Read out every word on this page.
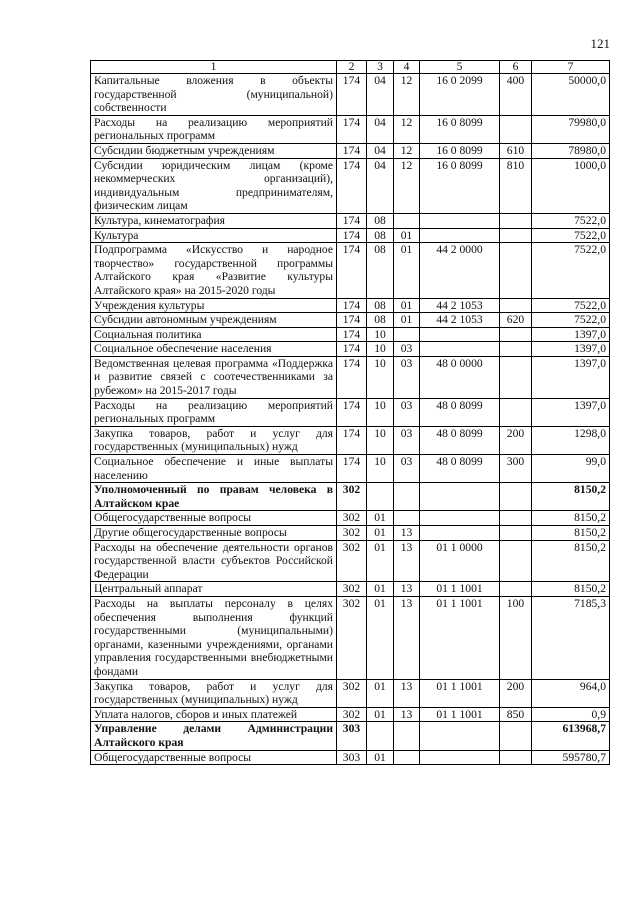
121
1	2	3	4	5	6	7
Капитальные вложения в объекты государственной (муниципальной) собственности	174	04	12	16 0 2099	400	50000,0
Расходы на реализацию мероприятий региональных программ	174	04	12	16 0 8099		79980,0
Субсидии бюджетным учреждениям	174	04	12	16 0 8099	610	78980,0
Субсидии юридическим лицам (кроме некоммерческих организаций), индивидуальным предпринимателям, физическим лицам	174	04	12	16 0 8099	810	1000,0
Культура, кинематография	174	08				7522,0
Культура	174	08	01			7522,0
Подпрограмма «Искусство и народное творчество» государственной программы Алтайского края «Развитие культуры Алтайского края» на 2015-2020 годы	174	08	01	44 2 0000		7522,0
Учреждения культуры	174	08	01	44 2 1053		7522,0
Субсидии автономным учреждениям	174	08	01	44 2 1053	620	7522,0
Социальная политика	174	10				1397,0
Социальное обеспечение населения	174	10	03			1397,0
Ведомственная целевая программа «Поддержка и развитие связей с соотечественниками за рубежом» на 2015-2017 годы	174	10	03	48 0 0000		1397,0
Расходы на реализацию мероприятий региональных программ	174	10	03	48 0 8099		1397,0
Закупка товаров, работ и услуг для государственных (муниципальных) нужд	174	10	03	48 0 8099	200	1298,0
Социальное обеспечение и иные выплаты населению	174	10	03	48 0 8099	300	99,0
Уполномоченный по правам человека в Алтайском крае	302					8150,2
Общегосударственные вопросы	302	01				8150,2
Другие общегосударственные вопросы	302	01	13			8150,2
Расходы на обеспечение деятельности органов государственной власти субъектов Российской Федерации	302	01	13	01 1 0000		8150,2
Центральный аппарат	302	01	13	01 1 1001		8150,2
Расходы на выплаты персоналу в целях обеспечения выполнения функций государственными (муниципальными) органами, казенными учреждениями, органами управления государственными внебюджетными фондами	302	01	13	01 1 1001	100	7185,3
Закупка товаров, работ и услуг для государственных (муниципальных) нужд	302	01	13	01 1 1001	200	964,0
Уплата налогов, сборов и иных платежей	302	01	13	01 1 1001	850	0,9
Управление делами Администрации Алтайского края	303					613968,7
Общегосударственные вопросы	303	01				595780,7
